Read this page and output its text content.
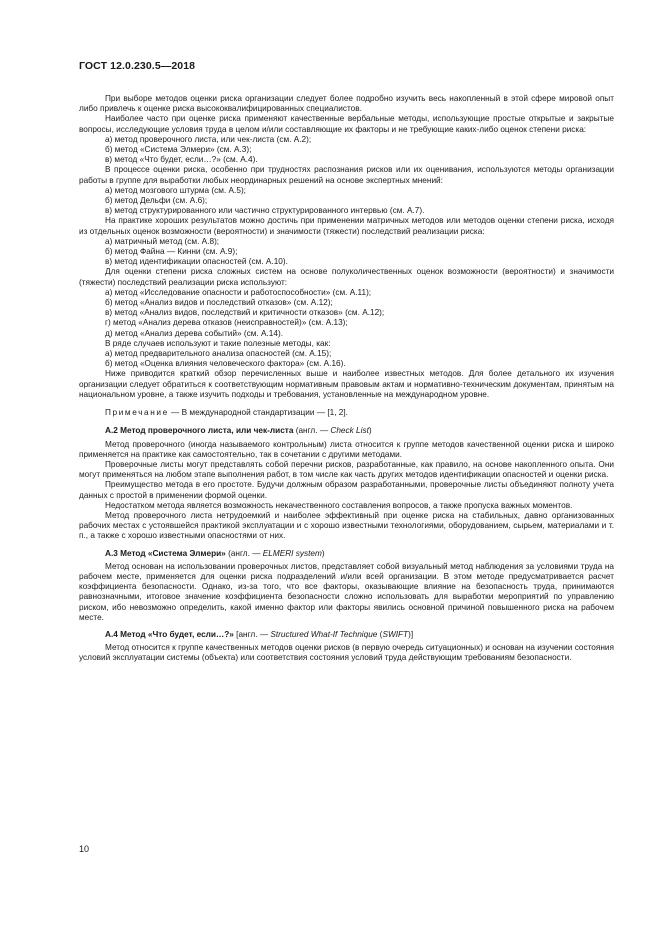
ГОСТ 12.0.230.5—2018

При выборе методов оценки риска организации следует более подробно изучить весь накопленный в этой сфере мировой опыт либо привлечь к оценке риска высококвалифицированных специалистов.

Наиболее часто при оценке риска применяют качественные вербальные методы, использующие простые открытые и закрытые вопросы, исследующие условия труда в целом и/или составляющие их факторы и не требующие каких-либо оценок степени риска:

а) метод проверочного листа, или чек-листа (см. А.2);

б) метод «Система Элмери» (см. А.3);

в) метод «Что будет, если…?» (см. А.4).

В процессе оценки риска, особенно при трудностях распознания рисков или их оценивания, используются методы организации работы в группе для выработки любых неординарных решений на основе экспертных мнений:

а) метод мозгового штурма (см. А.5);

б) метод Дельфи (см. А.6);

в) метод структурированного или частично структурированного интервью (см. А.7).

На практике хороших результатов можно достичь при применении матричных методов или методов оценки степени риска, исходя из отдельных оценок возможности (вероятности) и значимости (тяжести) последствий реализации риска:

а) матричный метод (см. А.8);

б) метод Файна — Кинни (см. А.9);

в) метод идентификации опасностей (см. А.10).

Для оценки степени риска сложных систем на основе полуколичественных оценок возможности (вероятности) и значимости (тяжести) последствий реализации риска используют:

а) метод «Исследование опасности и работоспособности» (см. А.11);

б) метод «Анализ видов и последствий отказов» (см. А.12);

в) метод «Анализ видов, последствий и критичности отказов» (см. А.12);

г) метод «Анализ дерева отказов (неисправностей)» (см. А.13);

д) метод «Анализ дерева событий» (см. А.14).

В ряде случаев используют и такие полезные методы, как:

а) метод предварительного анализа опасностей (см. А.15);

б) метод «Оценка влияния человеческого фактора» (см. А.16).

Ниже приводится краткий обзор перечисленных выше и наиболее известных методов. Для более детального их изучения организации следует обратиться к соответствующим нормативным правовым актам и нормативно-техническим документам, принятым на национальном уровне, а также изучить подходы и требования, установленные на международном уровне.

Примечание — В международной стандартизации — [1, 2].

А.2 Метод проверочного листа, или чек-листа (англ. — Check List)

Метод проверочного (иногда называемого контрольным) листа относится к группе методов качественной оценки риска и широко применяется на практике как самостоятельно, так в сочетании с другими методами.

Проверочные листы могут представлять собой перечни рисков, разработанные, как правило, на основе накопленного опыта. Они могут применяться на любом этапе выполнения работ, в том числе как часть других методов идентификации опасностей и оценки риска.

Преимущество метода в его простоте. Будучи должным образом разработанными, проверочные листы объединяют полноту учета данных с простой в применении формой оценки.

Недостатком метода является возможность некачественного составления вопросов, а также пропуска важных моментов.

Метод проверочного листа нетрудоемкий и наиболее эффективный при оценке риска на стабильных, давно организованных рабочих местах с устоявшейся практикой эксплуатации и с хорошо известными технологиями, оборудованием, сырьем, материалами и т. п., а также с хорошо известными опасностями от них.

А.3 Метод «Система Элмери» (англ. — ELMERI system)

Метод основан на использовании проверочных листов, представляет собой визуальный метод наблюдения за условиями труда на рабочем месте, применяется для оценки риска подразделений и/или всей организации. В этом методе предусматривается расчет коэффициента безопасности. Однако, из-за того, что все факторы, оказывающие влияние на безопасность труда, принимаются равнозначными, итоговое значение коэффициента безопасности сложно использовать для выработки мероприятий по управлению риском, ибо невозможно определить, какой именно фактор или факторы явились основной причиной повышенного риска на рабочем месте.

А.4 Метод «Что будет, если…?» [англ. — Structured What-If Technique (SWIFT)]

Метод относится к группе качественных методов оценки рисков (в первую очередь ситуационных) и основан на изучении состояния условий эксплуатации системы (объекта) или соответствия состояния условий труда действующим требованиям безопасности.

10
